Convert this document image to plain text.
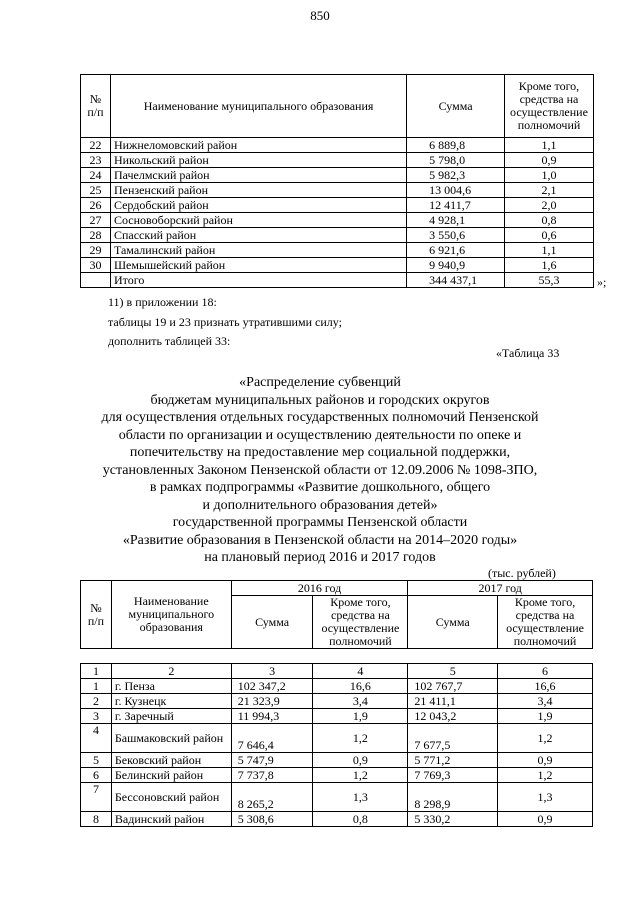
850
№
п/п	Наименование муниципального образования	Сумма	Кроме того, средства на осуществление полномочий
22	Нижнеломовский район	6 889,8	1,1
23	Никольский район	5 798,0	0,9
24	Пачелмский район	5 982,3	1,0
25	Пензенский район	13 004,6	2,1
26	Сердобский район	12 411,7	2,0
27	Сосновоборский район	4 928,1	0,8
28	Спасский район	3 550,6	0,6
29	Тамалинский район	6 921,6	1,1
30	Шемышейский район	9 940,9	1,6
	Итого	344 437,1	55,3	»;
11) в приложении 18:
таблицы 19 и 23 признать утратившими силу;
дополнить таблицей 33:
«Таблица 33
«Распределение субвенций
бюджетам муниципальных районов и городских округов
для осуществления отдельных государственных полномочий Пензенской
области по организации и осуществлению деятельности по опеке и
попечительству на предоставление мер социальной поддержки,
установленных Законом Пензенской области от 12.09.2006 № 1098-ЗПО,
в рамках подпрограммы «Развитие дошкольного, общего
и дополнительного образования детей»
государственной программы Пензенской области
«Развитие образования в Пензенской области на 2014–2020 годы»
на плановый период 2016 и 2017 годов
(тыс. рублей)
№
п/п	Наименование муниципального образования	2016 год		2017 год	
		Сумма	Кроме того, средства на осуществление полномочий	Сумма	Кроме того, средства на осуществление полномочий

1	2	3	4	5	6
1	г. Пенза	102 347,2	16,6	102 767,7	16,6
2	г. Кузнецк	21 323,9	3,4	21 411,1	3,4
3	г. Заречный	11 994,3	1,9	12 043,2	1,9
4	Башмаковский район	7 646,4	1,2	7 677,5	1,2
5	Бековский район	5 747,9	0,9	5 771,2	0,9
6	Белинский район	7 737,8	1,2	7 769,3	1,2
7	Бессоновский район	8 265,2	1,3	8 298,9	1,3
8	Вадинский район	5 308,6	0,8	5 330,2	0,9
